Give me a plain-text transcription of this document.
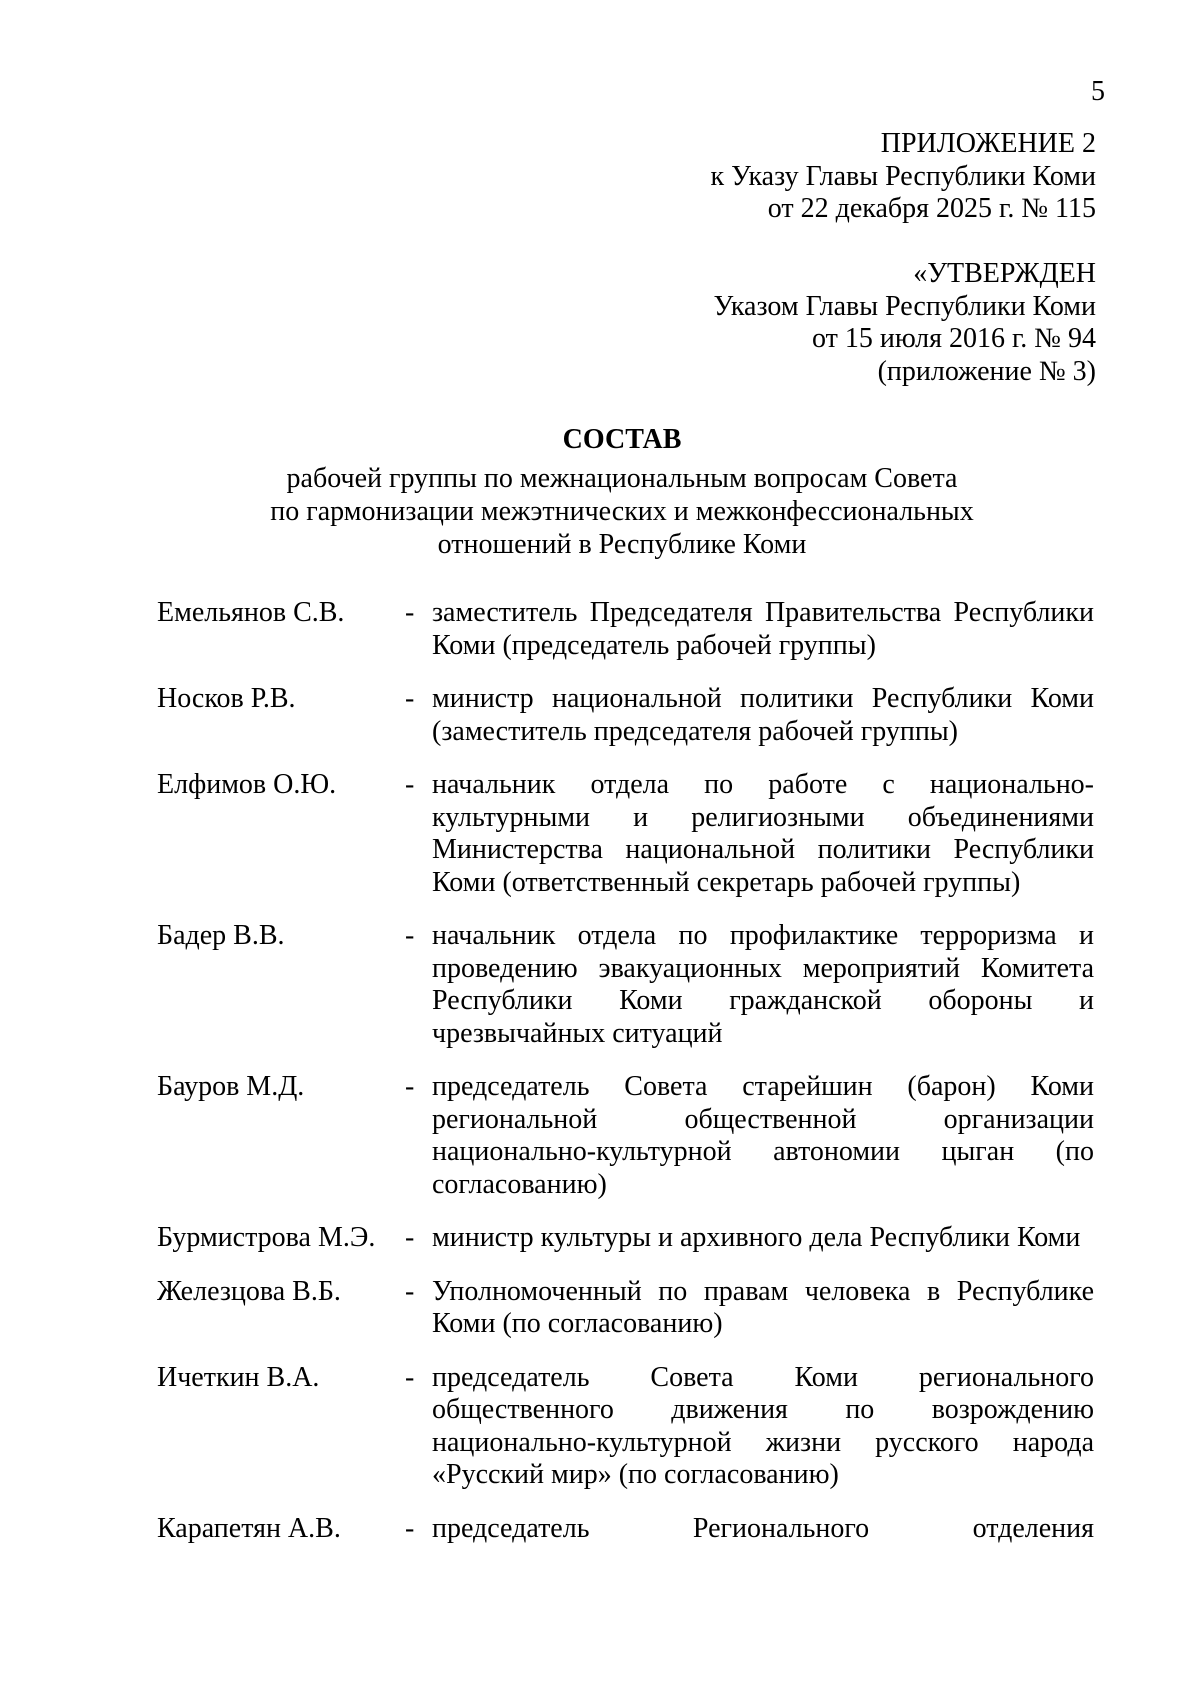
5
ПРИЛОЖЕНИЕ 2
к Указу Главы Республики Коми
от 22 декабря 2025 г. № 115
«УТВЕРЖДЕН
Указом Главы Республики Коми
от 15 июля 2016 г. № 94
(приложение № 3)
СОСТАВ
рабочей группы по межнациональным вопросам Совета
по гармонизации межэтнических и межконфессиональных
отношений в Республике Коми
Емельянов С.В.	- заместитель Председателя Правительства Республики Коми (председатель рабочей группы)
Носков Р.В.	- министр национальной политики Республики Коми (заместитель председателя рабочей группы)
Елфимов О.Ю.	- начальник отдела по работе с национально-культурными и религиозными объединениями Министерства национальной политики Республики Коми (ответственный секретарь рабочей группы)
Бадер В.В.	- начальник отдела по профилактике терроризма и проведению эвакуационных мероприятий Комитета Республики Коми гражданской обороны и чрезвычайных ситуаций
Бауров М.Д.	- председатель Совета старейшин (барон) Коми региональной общественной организации национально-культурной автономии цыган (по согласованию)
Бурмистрова М.Э.	- министр культуры и архивного дела Республики Коми
Железцова В.Б.	- Уполномоченный по правам человека в Республике Коми (по согласованию)
Ичеткин В.А.	- председатель Совета Коми регионального общественного движения по возрождению национально-культурной жизни русского народа «Русский мир» (по согласованию)
Карапетян А.В.	- председатель Регионального отделения
